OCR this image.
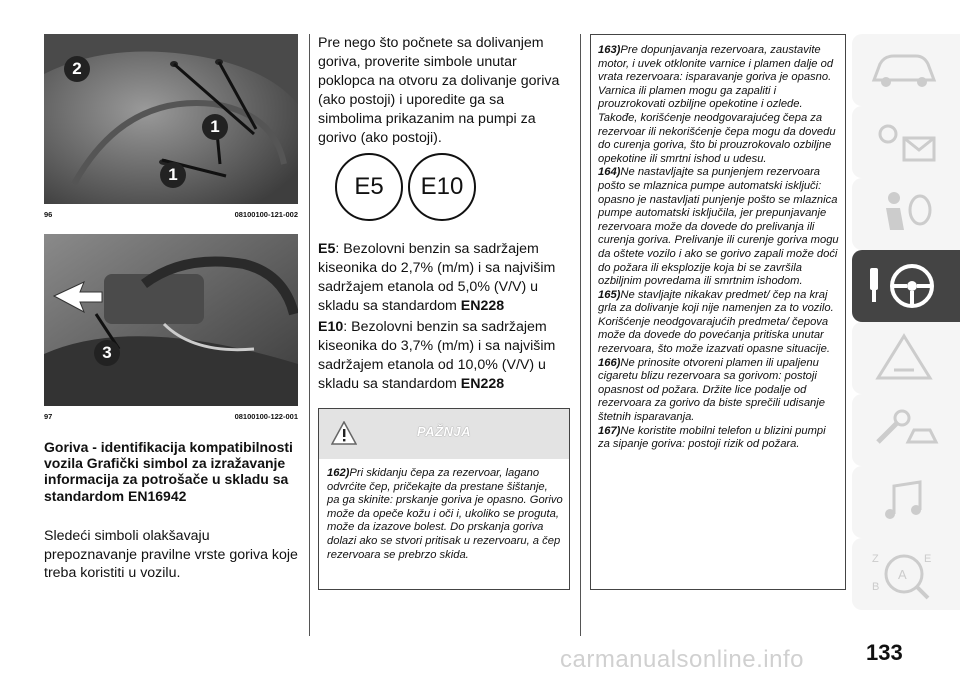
2
1
1
96	08100100-121-002
3
97	08100100-122-001
Goriva - identifikacija kompatibilnosti vozila Grafički simbol za izražavanje informacija za potrošače u skladu sa standardom EN16942
Sledeći simboli olakšavaju prepoznavanje pravilne vrste goriva koje treba koristiti u vozilu.
Pre nego što počnete sa dolivanjem goriva, proverite simbole unutar poklopca na otvoru za dolivanje goriva (ako postoji) i uporedite ga sa simbolima prikazanim na pumpi za gorivo (ako postoji).
E5 E10
E5: Bezolovni benzin sa sadržajem kiseonika do 2,7% (m/m) i sa najvišim sadržajem etanola od 5,0% (V/V) u skladu sa standardom EN228
E10: Bezolovni benzin sa sadržajem kiseonika do 3,7% (m/m) i sa najvišim sadržajem etanola od 10,0% (V/V) u skladu sa standardom EN228
PAŽNJA

162)Pri skidanju čepa za rezervoar, lagano odvrćite čep, pričekajte da prestane šištanje, pa ga skinite: prskanje goriva je opasno. Gorivo može da opeče kožu i oči i, ukoliko se proguta, može da izazove bolest. Do prskanja goriva dolazi ako se stvori pritisak u rezervoaru, a čep rezervoara se prebrzo skida.

163)Pre dopunjavanja rezervoara, zaustavite motor, i uvek otklonite varnice i plamen dalje od vrata rezervoara: isparavanje goriva je opasno. Varnica ili plamen mogu ga zapaliti i prouzrokovati ozbiljne opekotine i ozlede. Takođe, korišćenje neodgovarajućeg čepa za rezervoar ili nekorišćenje čepa mogu da dovedu do curenja goriva, što bi prouzrokovalo ozbiljne opekotine ili smrtni ishod u udesu.

164)Ne nastavljajte sa punjenjem rezervoara pošto se mlaznica pumpe automatski isključi: opasno je nastavljati punjenje pošto se mlaznica pumpe automatski isključila, jer prepunjavanje rezervoara može da dovede do prelivanja ili curenja goriva. Prelivanje ili curenje goriva mogu da oštete vozilo i ako se gorivo zapali može doći do požara ili eksplozije koja bi se završila ozbiljnim povredama ili smrtnim ishodom.

165)Ne stavljajte nikakav predmet/ čep na kraj grla za dolivanje koji nije namenjen za to vozilo. Korišćenje neodgovarajućih predmeta/ čepova može da dovede do povećanja pritiska unutar rezervoara, što može izazvati opasne situacije.

166)Ne prinosite otvoreni plamen ili upaljenu cigaretu blizu rezervoara sa gorivom: postoji opasnost od požara. Držite lice podalje od rezervoara za gorivo da biste sprečili udisanje štetnih isparavanja.

167)Ne koristite mobilni telefon u blizini pumpi za sipanje goriva: postoji rizik od požara.

Z	E
A
B
133
carmanualsonline.info
